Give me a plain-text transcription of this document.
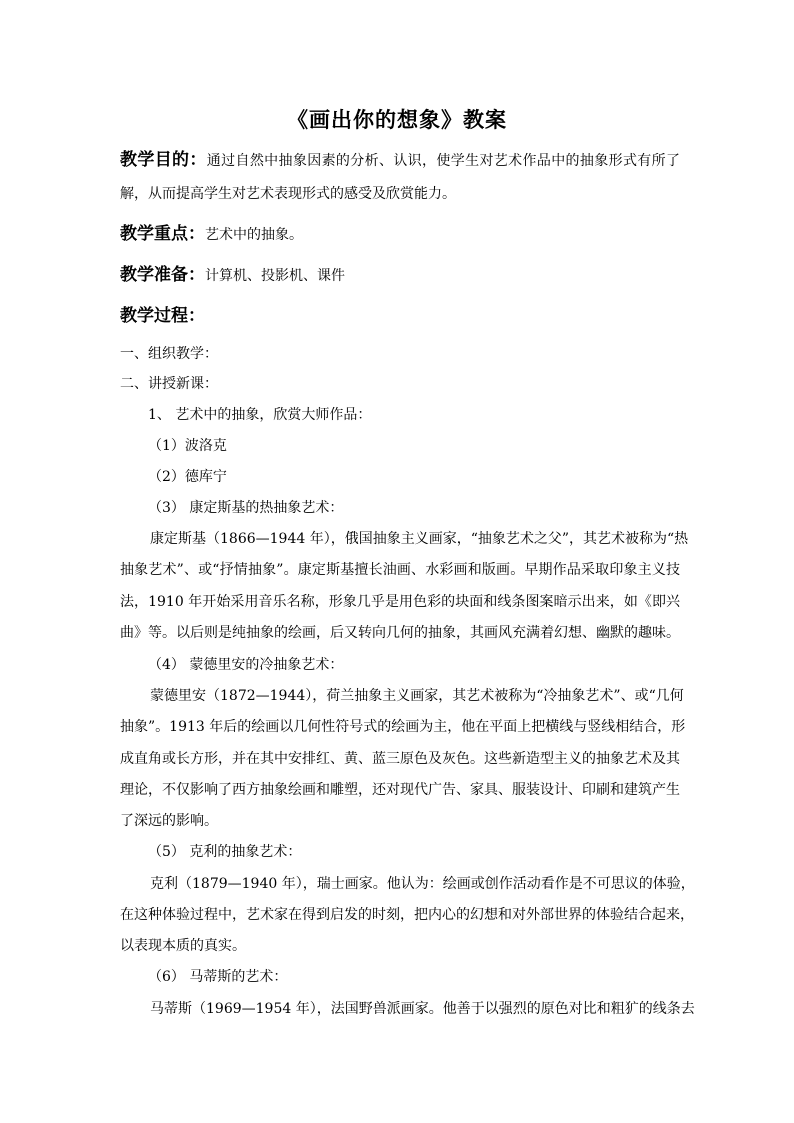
《画出你的想象》教案
教学目的：通过自然中抽象因素的分析、认识，使学生对艺术作品中的抽象形式有所了
解，从而提高学生对艺术表现形式的感受及欣赏能力。
教学重点：艺术中的抽象。
教学准备：计算机、投影机、课件
教学过程：
一、组织教学：
二、讲授新课：
1、 艺术中的抽象，欣赏大师作品：
（1）波洛克
（2）德库宁
（3） 康定斯基的热抽象艺术：
康定斯基（1866—1944 年），俄国抽象主义画家，“抽象艺术之父”，其艺术被称为“热
抽象艺术”、或“抒情抽象”。康定斯基擅长油画、水彩画和版画。早期作品采取印象主义技
法，1910 年开始采用音乐名称，形象几乎是用色彩的块面和线条图案暗示出来，如《即兴
曲》等。以后则是纯抽象的绘画，后又转向几何的抽象，其画风充满着幻想、幽默的趣味。
（4） 蒙德里安的冷抽象艺术：
蒙德里安（1872—1944），荷兰抽象主义画家，其艺术被称为“冷抽象艺术”、或“几何
抽象”。1913 年后的绘画以几何性符号式的绘画为主，他在平面上把横线与竖线相结合，形
成直角或长方形，并在其中安排红、黄、蓝三原色及灰色。这些新造型主义的抽象艺术及其
理论，不仅影响了西方抽象绘画和雕塑，还对现代广告、家具、服装设计、印刷和建筑产生
了深远的影响。
（5） 克利的抽象艺术：
克利（1879—1940 年），瑞士画家。他认为：绘画或创作活动看作是不可思议的体验，
在这种体验过程中，艺术家在得到启发的时刻，把内心的幻想和对外部世界的体验结合起来，
以表现本质的真实。
（6） 马蒂斯的艺术：
马蒂斯（1969—1954 年），法国野兽派画家。他善于以强烈的原色对比和粗犷的线条去
